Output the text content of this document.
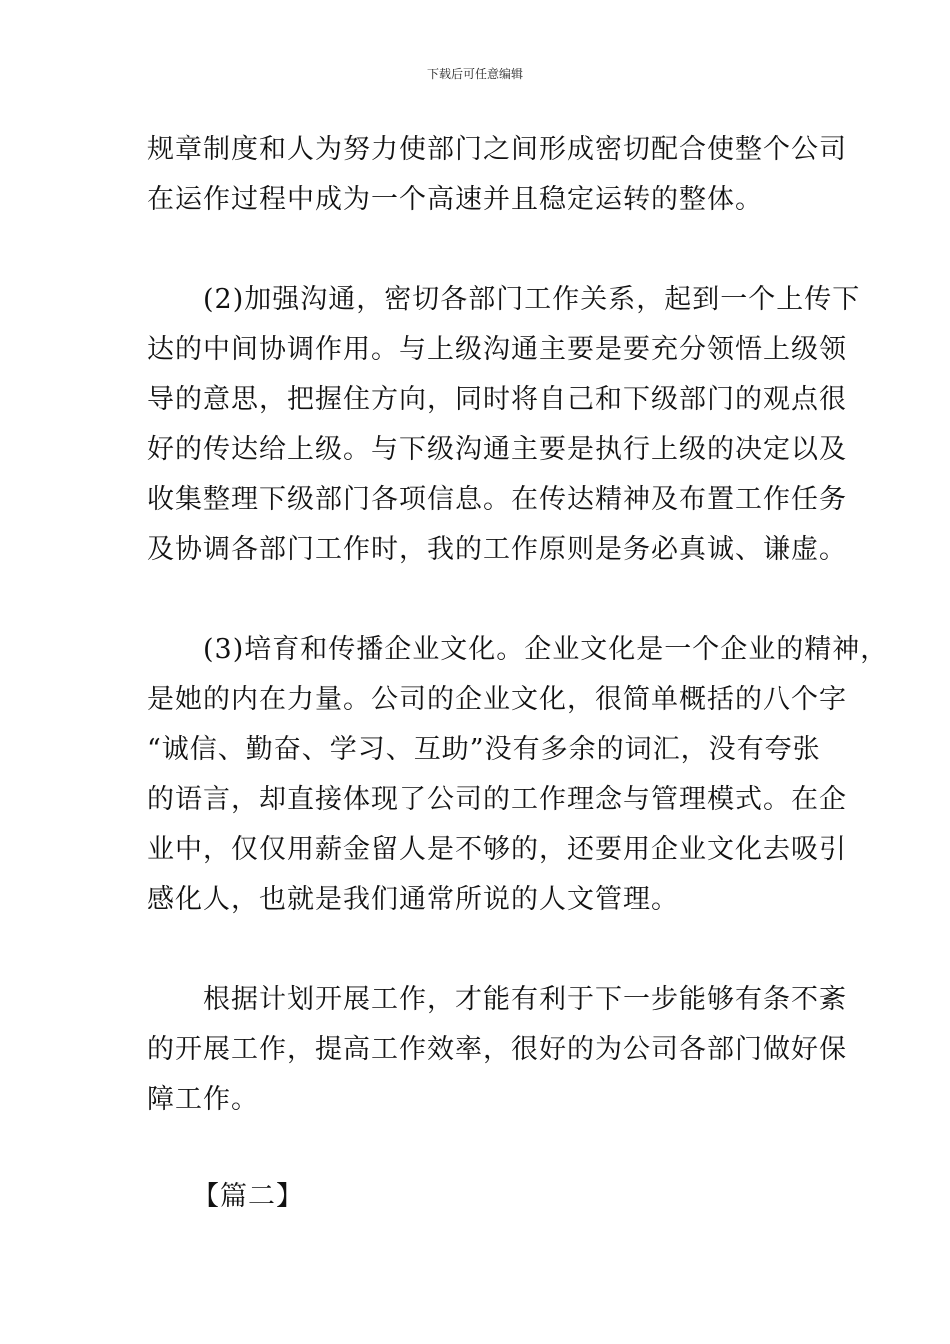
下载后可任意编辑
规章制度和人为努力使部门之间形成密切配合使整个公司
在运作过程中成为一个高速并且稳定运转的整体。
　　(2)加强沟通，密切各部门工作关系，起到一个上传下
达的中间协调作用。与上级沟通主要是要充分领悟上级领
导的意思，把握住方向，同时将自己和下级部门的观点很
好的传达给上级。与下级沟通主要是执行上级的决定以及
收集整理下级部门各项信息。在传达精神及布置工作任务
及协调各部门工作时，我的工作原则是务必真诚、谦虚。
　　(3)培育和传播企业文化。企业文化是一个企业的精神，
是她的内在力量。公司的企业文化，很简单概括的八个字
“诚信、勤奋、学习、互助”没有多余的词汇，没有夸张
的语言，却直接体现了公司的工作理念与管理模式。在企
业中，仅仅用薪金留人是不够的，还要用企业文化去吸引
感化人，也就是我们通常所说的人文管理。
　　根据计划开展工作，才能有利于下一步能够有条不紊
的开展工作，提高工作效率，很好的为公司各部门做好保
障工作。
【篇二】
